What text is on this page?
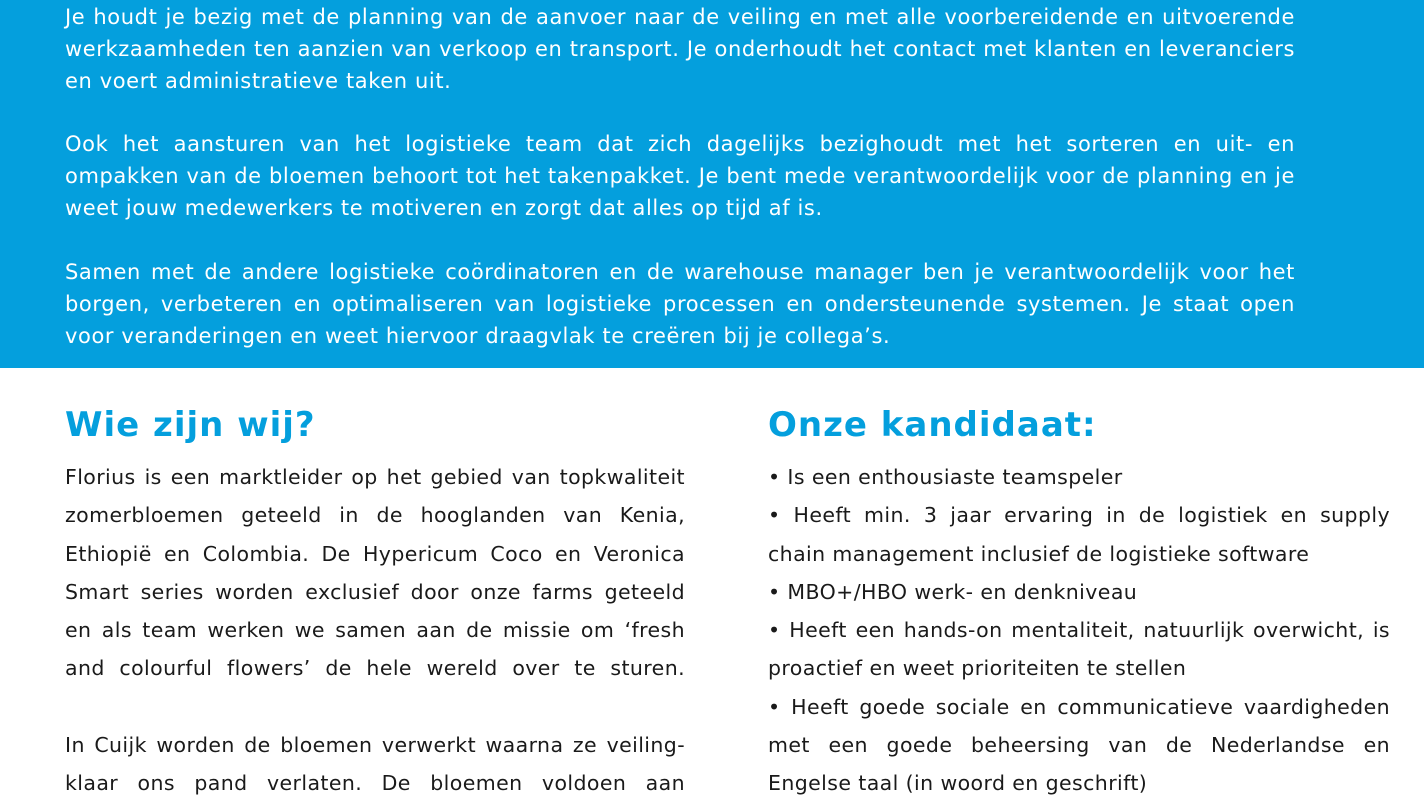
Je houdt je bezig met de planning van de aanvoer naar de veiling en met alle voorbereidende en uitvoerende werkzaamheden ten aanzien van verkoop en transport. Je onderhoudt het contact met klanten en leveranciers en voert administratieve taken uit.

Ook het aansturen van het logistieke team dat zich dagelijks bezighoudt met het sorteren en uit- en ompakken van de bloemen behoort tot het takenpakket. Je bent mede verantwoordelijk voor de planning en je weet jouw medewerkers te motiveren en zorgt dat alles op tijd af is.

Samen met de andere logistieke coördinatoren en de warehouse manager ben je verantwoordelijk voor het borgen, verbeteren en optimaliseren van logistieke processen en ondersteunende systemen. Je staat open voor veranderingen en weet hiervoor draagvlak te creëren bij je collega’s.

Wie zijn wij?

Florius is een marktleider op het gebied van topkwaliteit zomerbloemen geteeld in de hooglanden van Kenia, Ethiopië en Colombia. De Hypericum Coco en Veronica Smart series worden exclusief door onze farms geteeld en als team werken we samen aan de missie om ‘fresh and colourful flowers’ de hele wereld over te sturen.

In Cuijk worden de bloemen verwerkt waarna ze veiling-klaar ons pand verlaten. De bloemen voldoen aan

Onze kandidaat:
• Is een enthousiaste teamspeler
• Heeft min. 3 jaar ervaring in de logistiek en supply chain management inclusief de logistieke software
• MBO+/HBO werk- en denkniveau
• Heeft een hands-on mentaliteit, natuurlijk overwicht, is proactief en weet prioriteiten te stellen
• Heeft goede sociale en communicatieve vaardigheden met een goede beheersing van de Nederlandse en Engelse taal (in woord en geschrift)
